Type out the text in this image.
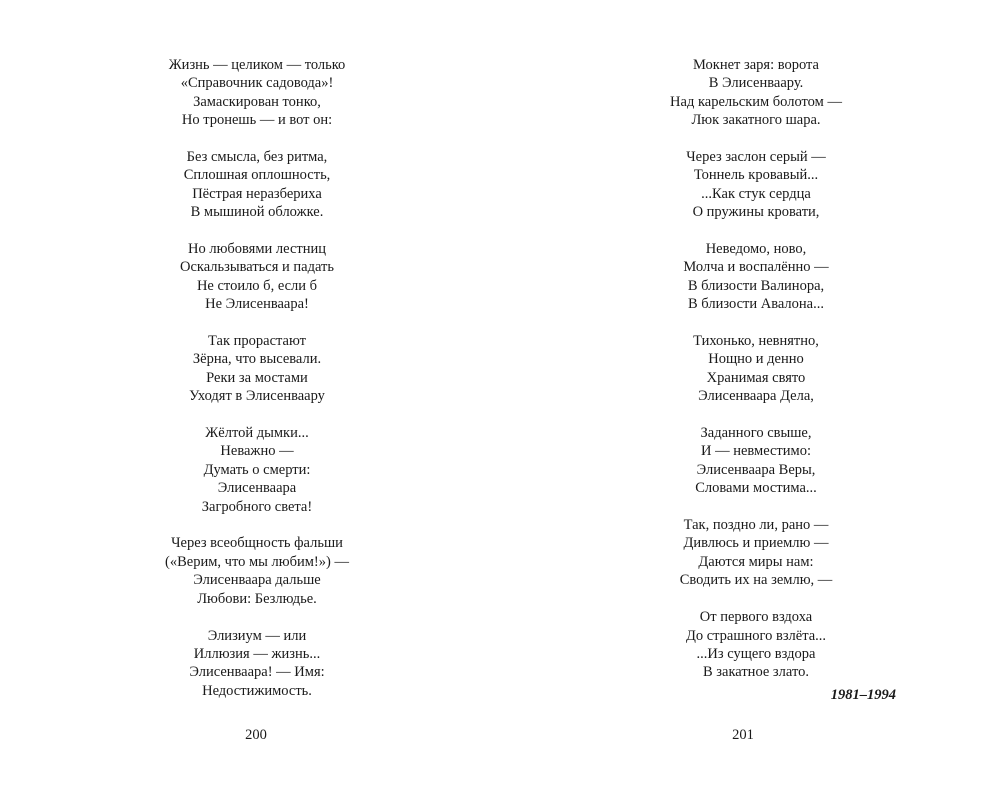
Жизнь — целиком — только
«Справочник садовода»!
Замаскирован тонко,
Но тронешь — и вот он:
Без смысла, без ритма,
Сплошная оплошность,
Пёстрая неразбериха
В мышиной обложке.
Но любовями лестниц
Оскальзываться и падать
Не стоило б, если б
Не Элисенваара!
Так прорастают
Зёрна, что высевали.
Реки за мостами
Уходят в Элисенваару
Жёлтой дымки...
Неважно —
Думать о смерти:
Элисенваара
Загробного света!
Через всеобщность фальши
(«Верим, что мы любим!») —
Элисенваара дальше
Любови: Безлюдье.
Элизиум — или
Иллюзия — жизнь...
Элисенваара! — Имя:
Недостижимость.
Мокнет заря: ворота
В Элисенваару.
Над карельским болотом —
Люк закатного шара.
Через заслон серый —
Тоннель кровавый...
...Как стук сердца
О пружины кровати,
Неведомо, ново,
Молча и воспалённо —
В близости Валинора,
В близости Авалона...
Тихонько, невнятно,
Нощно и денно
Хранимая свято
Элисенваара Дела,
Заданного свыше,
И — невместимо:
Элисенваара Веры,
Словами мостима...
Так, поздно ли, рано —
Дивлюсь и приемлю —
Даются миры нам:
Сводить их на землю, —
От первого вздоха
До страшного взлёта...
...Из сущего вздора
В закатное злато.
1981–1994
200	201
